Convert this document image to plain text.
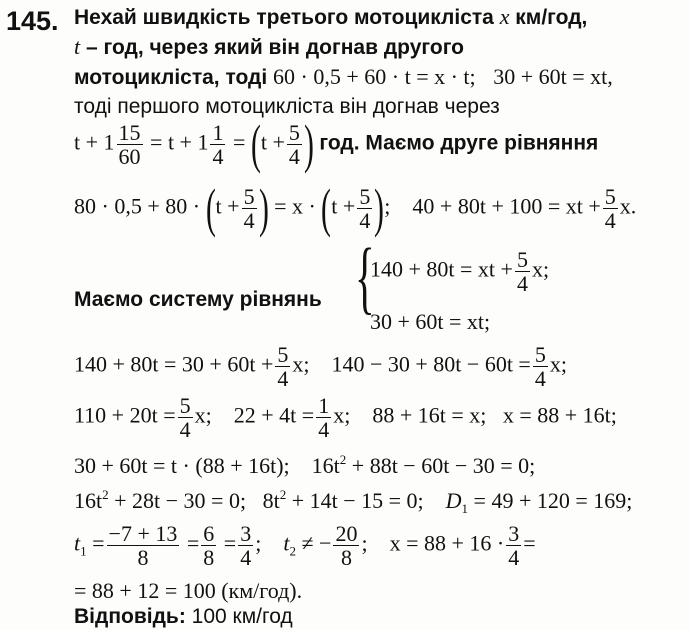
145. Нехай швидкість третього мотоцикліста x км/год,
t – год, через який він догнав другого
мотоцикліста, тоді 60 · 0,5 + 60 · t = x · t; 30 + 60t = xt,
тоді першого мотоцикліста він догнав через
$t + 1 \frac{15}{60} = t + 1 \frac{1}{4} = (t + \frac{5}{4}$ ) год. Маємо друге рівняння
$80 \cdot 0,5 + 80 \cdot (t + \frac{5}{4}$ ) = $x \cdot (t + \frac{5}{4}$ ); 40 + 80t + 100 = xt + $\frac{5}{4} x$.
Маємо систему рівнянь {
140 + 80t = xt + $\frac{5}{4} x$;
30 + 60t = xt;
$140 + 80t = 30 + 60t + \frac{5}{4} x$; $140 - 30 + 80t - 60t = \frac{5}{4} x$;
$110 + 20t = \frac{5}{4} x$; $22 + 4t = \frac{1}{4} x$; 88 + 16t = x; x = 88 + 16t;
30 + 60t = t · (88 + 16t); $16t^2 + 88t - 60t - 30 = 0$;
$16t^2 + 28t - 30 = 0$; $8t^2 + 14t - 15 = 0$; $D_1 = 49 + 120 = 169$;
$t_1 = \frac{-7 + 13}{8} = \frac{6}{8} = \frac{3}{4}$ ;    $t_2$ ≠ − $\frac{20}{8}$ ;    $x = 88 + 16 \cdot \frac{3}{4}$ =
= 88 + 12 = 100 (км/год).
Відповідь: 100 км/год
